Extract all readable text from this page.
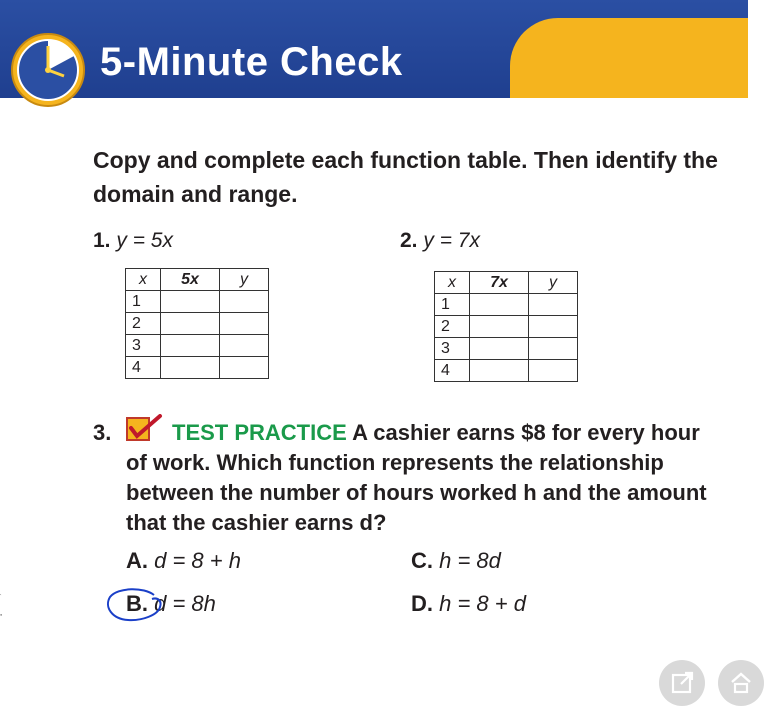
5-Minute Check
Copy and complete each function table. Then identify the domain and range.
1. y = 5x
x	5x	y
1		
2		
3		
4		
2. y = 7x
x	7x	y
1		
2		
3		
4		
3.	TEST PRACTICE A cashier earns $8 for every hour of work. Which function represents the relationship between the number of hours worked h and the amount that the cashier earns d?
A. d = 8 + h
B. d = 8h
C. h = 8d
D. h = 8 + d
